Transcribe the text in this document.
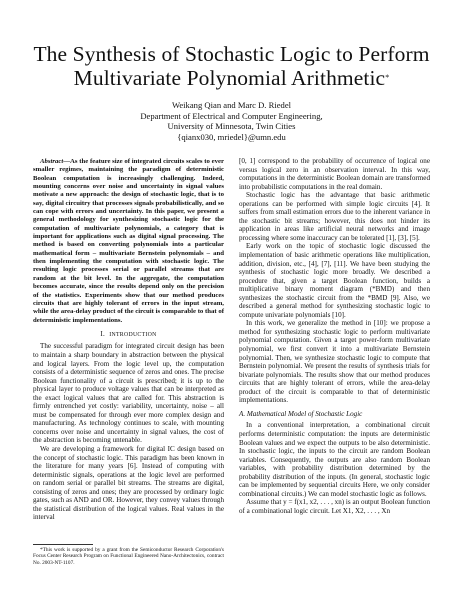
The Synthesis of Stochastic Logic to Perform
Multivariate Polynomial Arithmetic*
Weikang Qian and Marc D. Riedel
Department of Electrical and Computer Engineering,
University of Minnesota, Twin Cities
{qianx030, mriedel}@umn.edu

Abstract—As the feature size of integrated circuits scales to ever smaller regimes, maintaining the paradigm of deterministic Boolean computation is increasingly challenging. Indeed, mounting concerns over noise and uncertainty in signal values motivate a new approach: the design of stochastic logic, that is to say, digital circuitry that processes signals probabilistically, and so can cope with errors and uncertainty. In this paper, we present a general methodology for synthesizing stochastic logic for the computation of multivariate polynomials, a category that is important for applications such as digital signal processing. The method is based on converting polynomials into a particular mathematical form – multivariate Bernstein polynomials – and then implementing the computation with stochastic logic. The resulting logic processes serial or parallel streams that are random at the bit level. In the aggregate, the computation becomes accurate, since the results depend only on the precision of the statistics. Experiments show that our method produces circuits that are highly tolerant of errors in the input stream, while the area-delay product of the circuit is comparable to that of deterministic implementations.

I. INTRODUCTION

The successful paradigm for integrated circuit design has been to maintain a sharp boundary in abstraction between the physical and logical layers. From the logic level up, the computation consists of a deterministic sequence of zeros and ones. The precise Boolean functionality of a circuit is prescribed; it is up to the physical layer to produce voltage values that can be interpreted as the exact logical values that are called for. This abstraction is firmly entrenched yet costly: variability, uncertainty, noise – all must be compensated for through ever more complex design and manufacturing. As technology continues to scale, with mounting concerns over noise and uncertainty in signal values, the cost of the abstraction is becoming untenable.

We are developing a framework for digital IC design based on the concept of stochastic logic. This paradigm has been known in the literature for many years [6]. Instead of computing with deterministic signals, operations at the logic level are performed on random serial or parallel bit streams. The streams are digital, consisting of zeros and ones; they are processed by ordinary logic gates, such as AND and OR. However, they convey values through the statistical distribution of the logical values. Real values in the interval

*This work is supported by a grant from the Semiconductor Research Corporation's Focus Center Research Program on Functional Engineered Nano-Architectonics, contract No. 2003-NT-1107.

[0, 1] correspond to the probability of occurrence of logical one versus logical zero in an observation interval. In this way, computations in the deterministic Boolean domain are transformed into probabilistic computations in the real domain.

Stochastic logic has the advantage that basic arithmetic operations can be performed with simple logic circuits [4]. It suffers from small estimation errors due to the inherent variance in the stochastic bit streams; however, this does not hinder its application in areas like artificial neural networks and image processing where some inaccuracy can be tolerated [1], [3], [5].

Early work on the topic of stochastic logic discussed the implementation of basic arithmetic operations like multiplication, addition, division, etc., [4], [7], [11]. We have been studying the synthesis of stochastic logic more broadly. We described a procedure that, given a target Boolean function, builds a multiplicative binary moment diagram (*BMD) and then synthesizes the stochastic circuit from the *BMD [9]. Also, we described a general method for synthesizing stochastic logic to compute univariate polynomials [10].

In this work, we generalize the method in [10]: we propose a method for synthesizing stochastic logic to perform multivariate polynomial computation. Given a target power-form multivariate polynomial, we first convert it into a multivariate Bernstein polynomial. Then, we synthesize stochastic logic to compute that Bernstein polynomial. We present the results of synthesis trials for bivariate polynomials. The results show that our method produces circuits that are highly tolerant of errors, while the area-delay product of the circuit is comparable to that of deterministic implementations.

A. Mathematical Model of Stochastic Logic

In a conventional interpretation, a combinational circuit performs deterministic computation: the inputs are deterministic Boolean values and we expect the outputs to be also deterministic. In stochastic logic, the inputs to the circuit are random Boolean variables. Consequently, the outputs are also random Boolean variables, with probability distribution determined by the probability distribution of the inputs. (In general, stochastic logic can be implemented by sequential circuits Here, we only consider combinational circuits.) We can model stochastic logic as follows.

Assume that y = f(x1, x2, . . . , xn) is an output Boolean function of a combinational logic circuit. Let X1, X2, . . . , Xn
